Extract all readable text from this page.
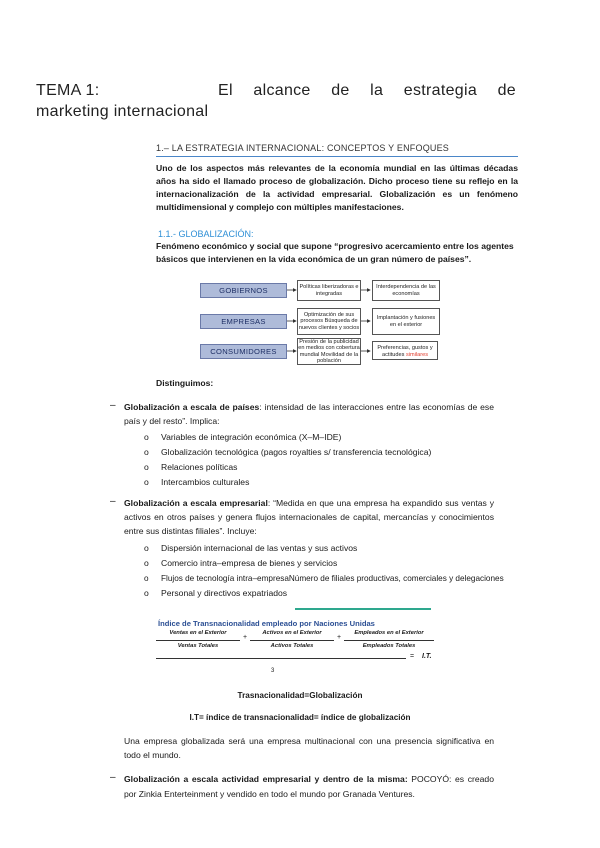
TEMA 1:	El alcance de la estrategia de
marketing internacional
1.– LA ESTRATEGIA INTERNACIONAL: CONCEPTOS Y ENFOQUES
Uno de los aspectos más relevantes de la economía mundial en las últimas décadas años ha sido el llamado proceso de globalización. Dicho proceso tiene su reflejo en la internacionalización de la actividad empresarial. Globalización es un fenómeno multidimensional y complejo con múltiples manifestaciones.
1.1.- GLOBALIZACIÓN:
Fenómeno económico y social que supone “progresivo acercamiento entre los agentes básicos que intervienen en la vida económica de un gran número de países”.
GOBIERNOS	Políticas liberizadoras e integradas
Interdependencia de las economías
EMPRESAS
Optimización de sus procesos Búsqueda de nuevos clientes y socios
Implantación y fusiones en el exterior
CONSUMIDORES
Presión de la publicidad en medios con cobertura mundial Movilidad de la población
Preferencias, gustos y actitudes similares
Distinguimos:
– Globalización a escala de países: intensidad de las interacciones entre las economías de ese país y del resto”. Implica:
o Variables de integración económica (X–M–IDE)
o Globalización tecnológica (pagos royalties s/ transferencia tecnológica)
o Relaciones políticas
o Intercambios culturales
– Globalización a escala empresarial: “Medida en que una empresa ha expandido sus ventas y activos en otros países y genera flujos internacionales de capital, mercancías y conocimientos entre sus distintas filiales”. Incluye:
o Dispersión internacional de las ventas y sus activos
o Comercio intra–empresa de bienes y servicios
o Flujos de tecnología intra–empresaNúmero de filiales productivas, comerciales y delegaciones
o Personal y directivos expatriados
Índice de Transnacionalidad empleado por Naciones Unidas
Ventas en el Exterior
Ventas Totales
+
Activos en el Exterior
Activos Totales
+
Empleados en el Exterior
Empleados Totales
= I.T.
3
Trasnacionalidad=Globalización
I.T= índice de transnacionalidad= índice de globalización
Una empresa globalizada será una empresa multinacional con una presencia significativa en todo el mundo.
– Globalización a escala actividad empresarial y dentro de la misma: POCOYÓ: es creado por Zinkia Enterteinment y vendido en todo el mundo por Granada Ventures.
